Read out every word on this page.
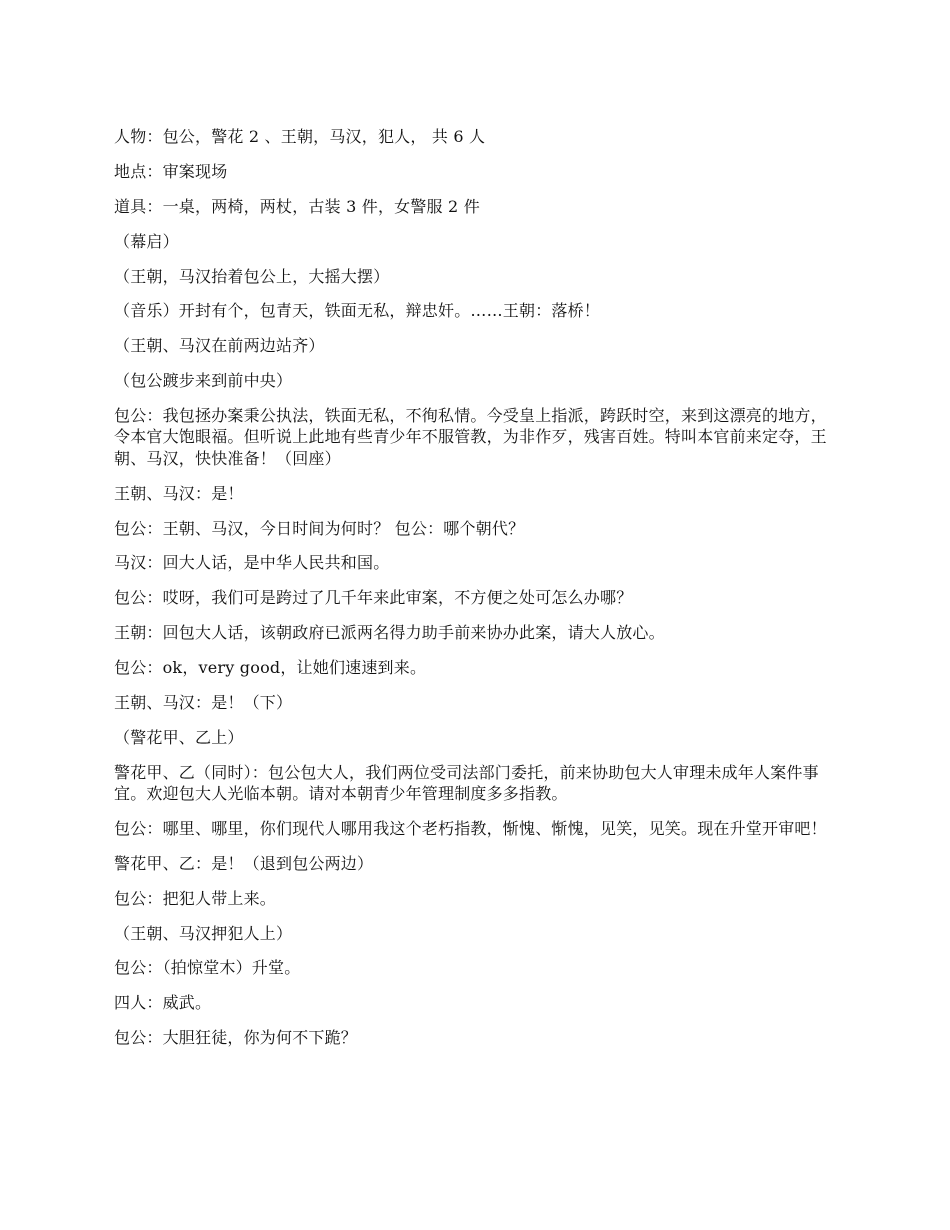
人物：包公，警花 2 、王朝，马汉，犯人， 共 6 人

地点：审案现场

道具：一桌，两椅，两杖，古装 3 件，女警服 2 件

（幕启）

（王朝，马汉抬着包公上，大摇大摆）

（音乐）开封有个，包青天，铁面无私，辩忠奸。……王朝：落桥！

（王朝、马汉在前两边站齐）

（包公踱步来到前中央）

包公：我包拯办案秉公执法，铁面无私，不徇私情。今受皇上指派，跨跃时空，来到这漂亮的地方，令本官大饱眼福。但听说上此地有些青少年不服管教，为非作歹，残害百姓。特叫本官前来定夺，王朝、马汉，快快准备！（回座）

王朝、马汉：是！

包公：王朝、马汉，今日时间为何时？ 包公：哪个朝代？

马汉：回大人话，是中华人民共和国。

包公：哎呀，我们可是跨过了几千年来此审案，不方便之处可怎么办哪？

王朝：回包大人话，该朝政府已派两名得力助手前来协办此案，请大人放心。

包公：ok，very good，让她们速速到来。

王朝、马汉：是！（下）

（警花甲、乙上）

警花甲、乙（同时）：包公包大人，我们两位受司法部门委托，前来协助包大人审理未成年人案件事宜。欢迎包大人光临本朝。请对本朝青少年管理制度多多指教。

包公：哪里、哪里，你们现代人哪用我这个老朽指教，惭愧、惭愧，见笑，见笑。现在升堂开审吧！

警花甲、乙：是！（退到包公两边）

包公：把犯人带上来。

（王朝、马汉押犯人上）

包公：（拍惊堂木）升堂。

四人：威武。

包公：大胆狂徒，你为何不下跪？
